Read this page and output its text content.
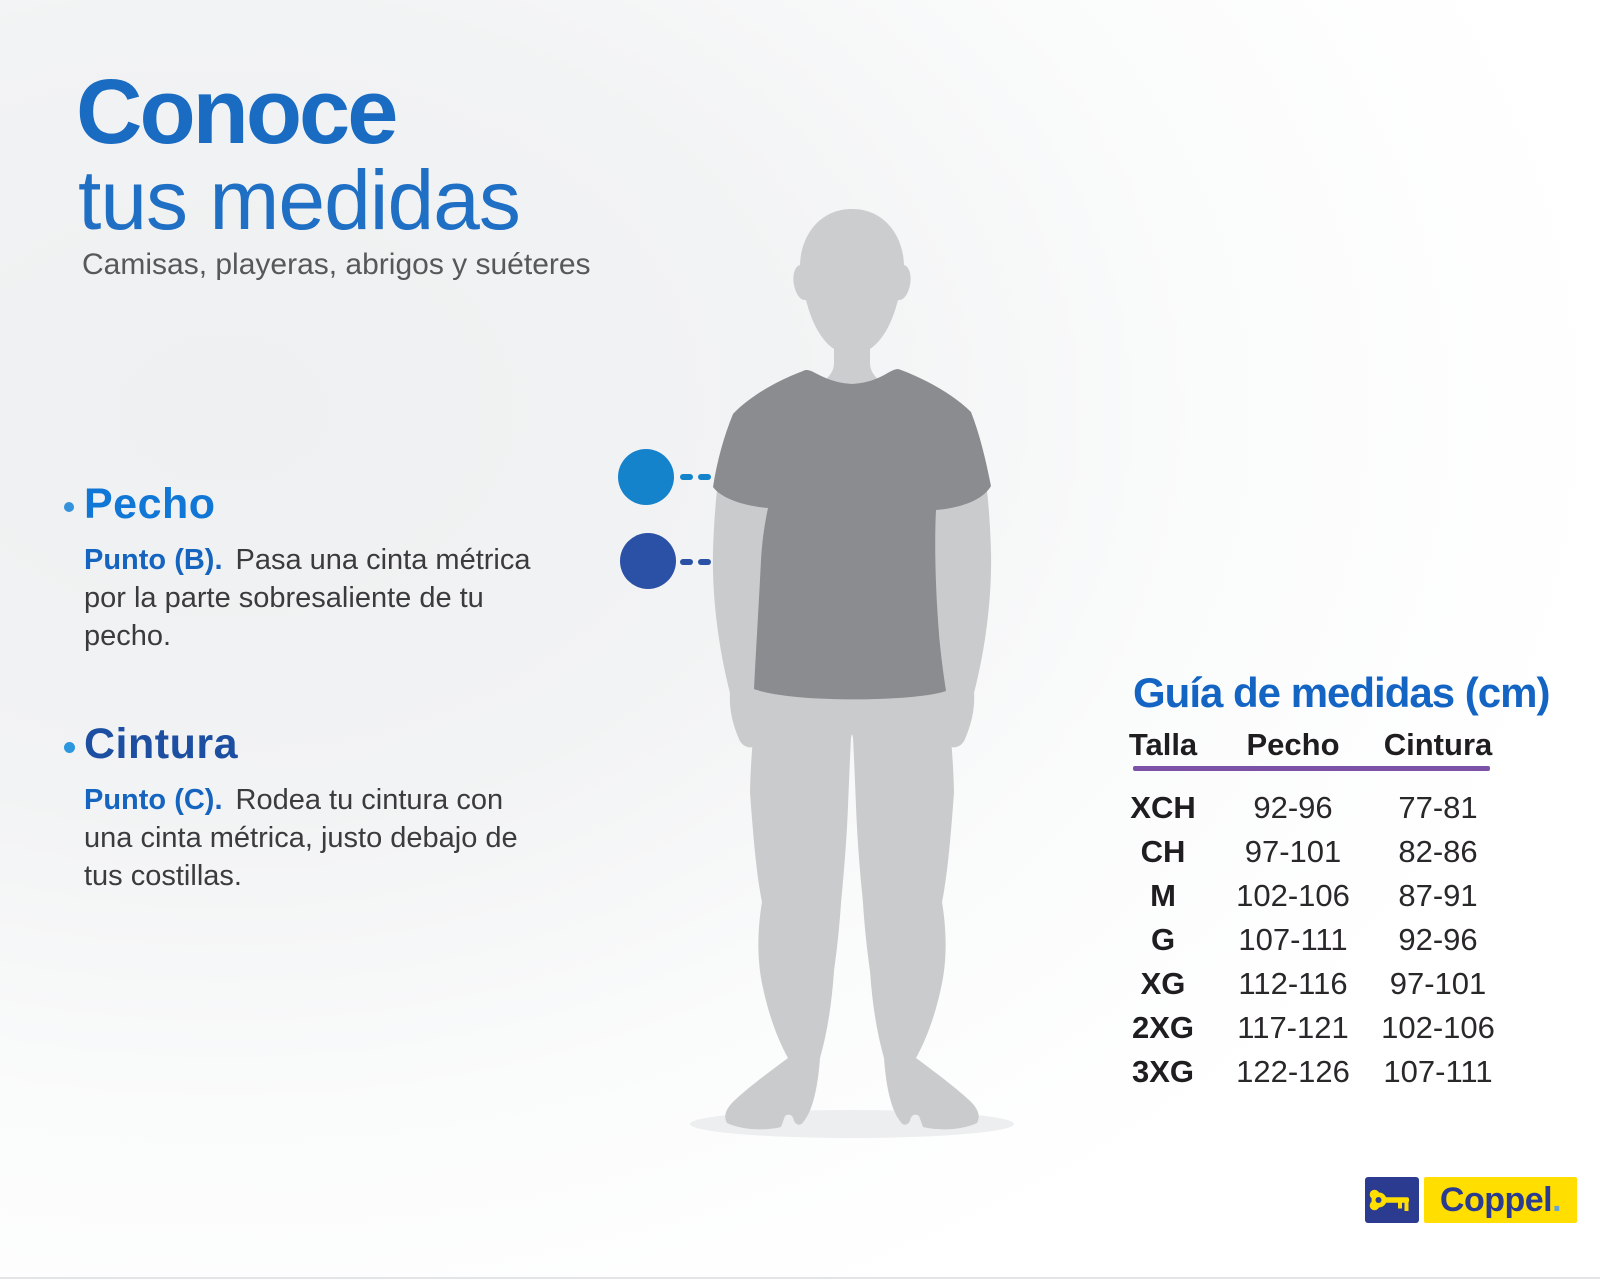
Conoce
tus medidas
Camisas, playeras, abrigos y suéteres
Pecho
Punto (B). Pasa una cinta métrica por la parte sobresaliente de tu pecho.
Cintura
Punto (C). Rodea tu cintura con una cinta métrica, justo debajo de tus costillas.
Guía de medidas (cm)
Talla	Pecho	Cintura
XCH	92-96	77-81
CH	97-101	82-86
M	102-106	87-91
G	107-111	92-96
XG	112-116	97-101
2XG	117-121	102-106
3XG	122-126	107-111
Coppel.
